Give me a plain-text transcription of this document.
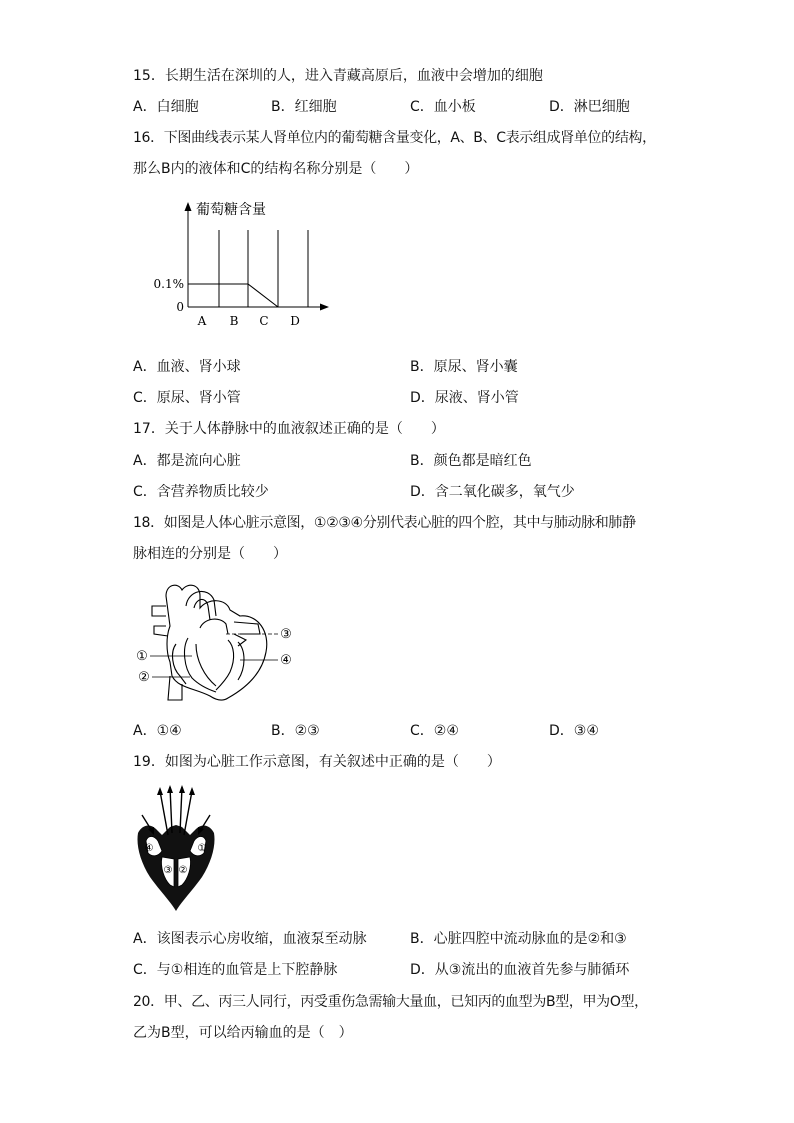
15．长期生活在深圳的人，进入青藏高原后，血液中会增加的细胞
A．白细胞	B．红细胞	C．血小板	D．淋巴细胞
16．下图曲线表示某人肾单位内的葡萄糖含量变化，A、B、C表示组成肾单位的结构，
那么B内的液体和C的结构名称分别是（　　）
葡萄糖含量
0.1%
0
A B C D
A．血液、肾小球	B．原尿、肾小囊
C．原尿、肾小管	D．尿液、肾小管
17．关于人体静脉中的血液叙述正确的是（　　）
A．都是流向心脏	B．颜色都是暗红色
C．含营养物质比较少	D．含二氧化碳多，氧气少
18．如图是人体心脏示意图，①②③④分别代表心脏的四个腔，其中与肺动脉和肺静
脉相连的分别是（　　）
①
②
③
④
A．①④	B．②③	C．②④	D．③④
19．如图为心脏工作示意图，有关叙述中正确的是（　　）
④
③ ②
①
A．该图表示心房收缩，血液泵至动脉	B．心脏四腔中流动脉血的是②和③
C．与①相连的血管是上下腔静脉	D．从③流出的血液首先参与肺循环
20．甲、乙、丙三人同行，丙受重伤急需输大量血，已知丙的血型为B型，甲为O型，
乙为B型，可以给丙输血的是（　）
